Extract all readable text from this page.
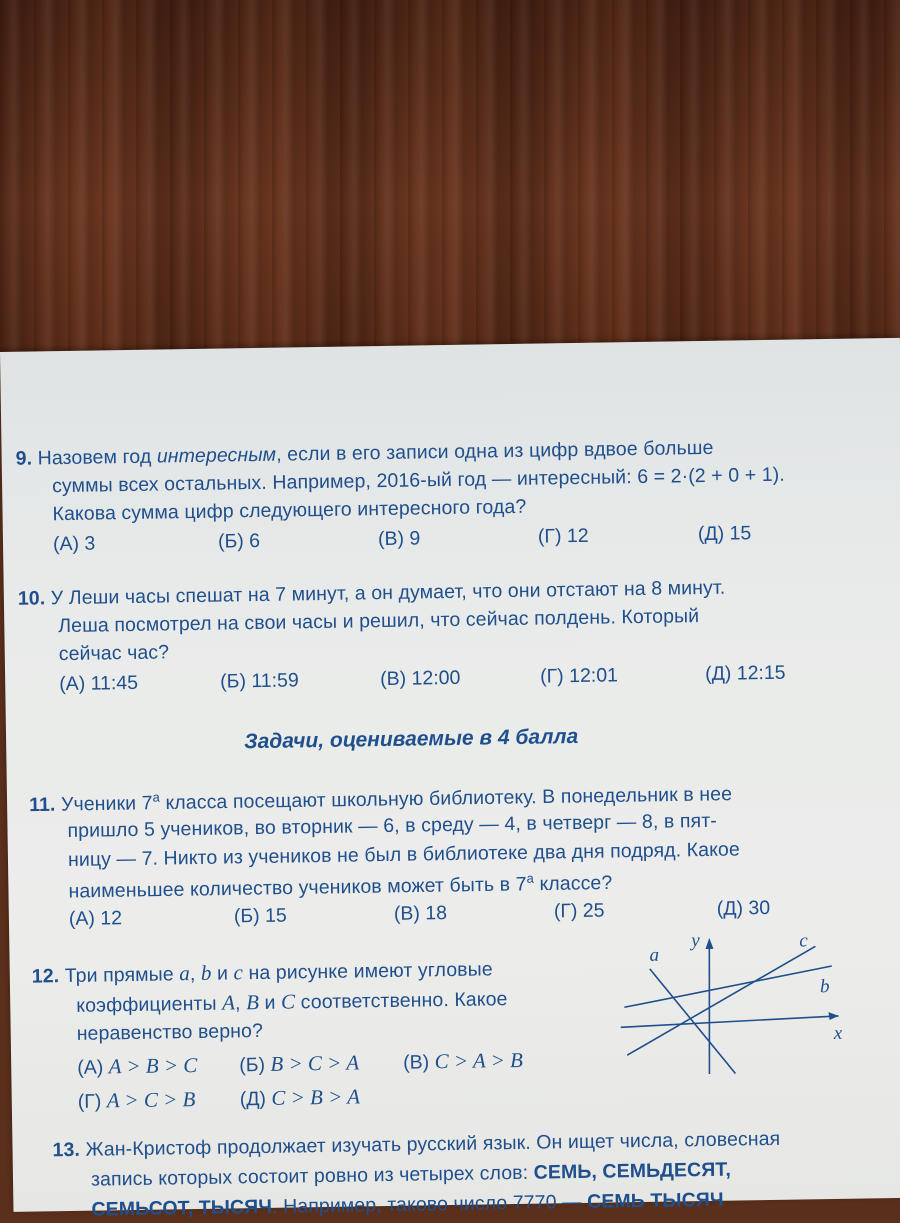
9. Назовем год интересным, если в его записи одна из цифр вдвое больше
суммы всех остальных. Например, 2016-ый год — интересный: 6 = 2·(2 + 0 + 1).
Какова сумма цифр следующего интересного года?
(А) 3	(Б) 6	(В) 9	(Г) 12	(Д) 15
10. У Леши часы спешат на 7 минут, а он думает, что они отстают на 8 минут.
Леша посмотрел на свои часы и решил, что сейчас полдень. Который
сейчас час?
(А) 11:45	(Б) 11:59	(В) 12:00	(Г) 12:01	(Д) 12:15
Задачи, оцениваемые в 4 балла
11. Ученики $7^а$ класса посещают школьную библиотеку. В понедельник в нее
пришло 5 учеников, во вторник — 6, в среду — 4, в четверг — 8, в пят-
ницу — 7. Никто из учеников не был в библиотеке два дня подряд. Какое
наименьшее количество учеников может быть в $7^а$ классе?
(А) 12	(Б) 15	(В) 18	(Г) 25	(Д) 30
12. Три прямые a, b и c на рисунке имеют угловые
коэффициенты A, B и C соответственно. Какое
неравенство верно?
(А) A > B > C (Б) B > C > A (В) C > A > B
(Г) A > C > B (Д) C > B > A
a
b
c
x
y
13. Жан-Кристоф продолжает изучать русский язык. Он ищет числа, словесная
запись которых состоит ровно из четырех слов: СЕМЬ, СЕМЬДЕСЯТ,
СЕМЬСОТ, ТЫСЯЧ. Например, таково число 7770 — СЕМЬ ТЫСЯЧ
